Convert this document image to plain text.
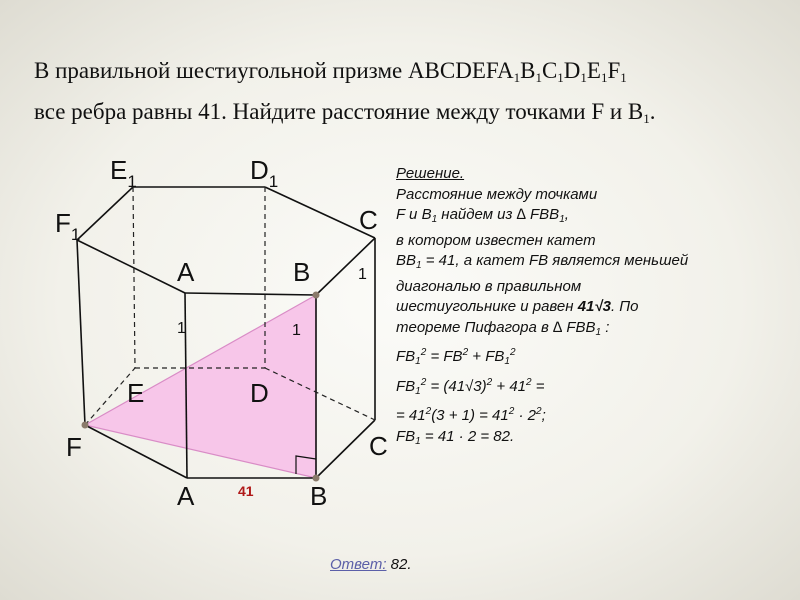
В правильной шестиугольной призме $ABCDEFA_1B_1C_1D_1E_1F_1$
все ребра равны 41. Найдите расстояние между точками F и $B_1$.
$E_1$	$D_1$
$F_1$	C
A	B
E	D
F	C
A	B
1	1
1
41
Решение.
Расстояние между точками
F и $B_1$ найдем из ∆ $FBB_1$,
в котором известен катет
$BB_1 = 41$, а катет FB является меньшей
диагональю в правильном
шестиугольнике и равен 41√3. По
теореме Пифагора в ∆ $FBB_1$ :
$FB_1^2 = FB^2 + FB_1^2$
$FB_1^2 = (41√3)^2 + 41^2$ =
= $41^2(3 + 1) = 41^2 \cdot 2^2$;
$FB_1 = 41 \cdot 2 = 82$.
Ответ: 82.
